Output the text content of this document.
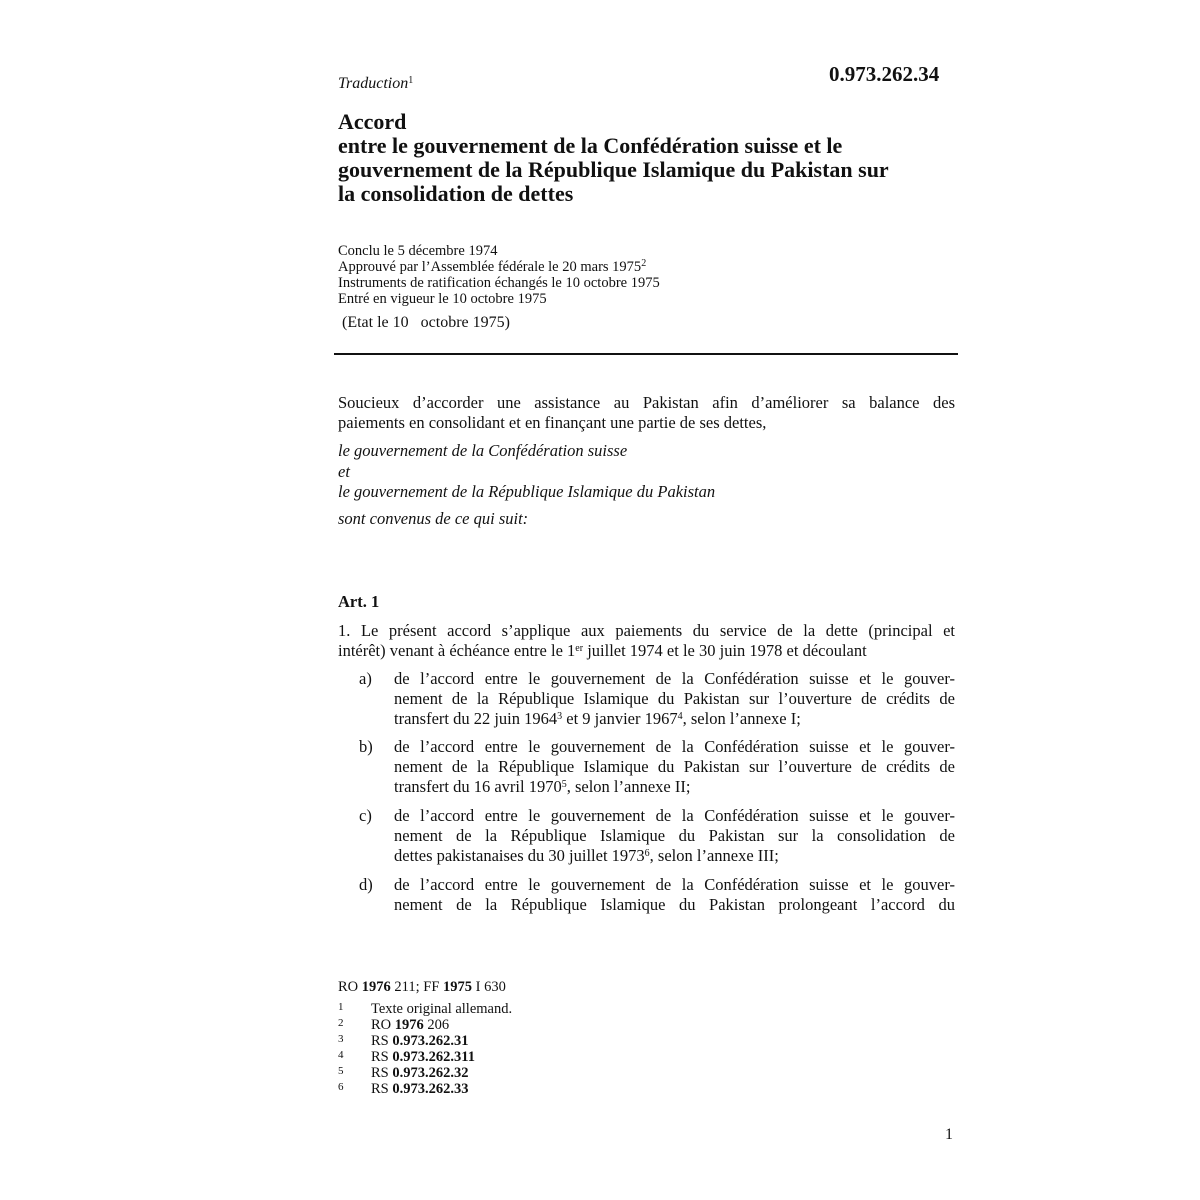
0.973.262.34
Traduction$^1$
Accord
entre le gouvernement de la Confédération suisse et le
gouvernement de la République Islamique du Pakistan sur
la consolidation de dettes
Conclu le 5 décembre 1974
Approuvé par l’Assemblée fédérale le 20 mars 1975$^2$
Instruments de ratification échangés le 10 octobre 1975
Entré en vigueur le 10 octobre 1975
(Etat le 10   octobre 1975)
Soucieux d’accorder une assistance au Pakistan afin d’améliorer sa balance des
paiements en consolidant et en finançant une partie de ses dettes,
le gouvernement de la Confédération suisse
et
le gouvernement de la République Islamique du Pakistan
sont convenus de ce qui suit:
Art. 1
1. Le présent accord s’applique aux paiements du service de la dette (principal et
intérêt) venant à échéance entre le 1er juillet 1974 et le 30 juin 1978 et découlant
a) de l’accord entre le gouvernement de la Confédération suisse et le gouver-
nement de la République Islamique du Pakistan sur l’ouverture de crédits de
transfert du 22 juin 1964$^3$ et 9 janvier 1967$^4$, selon l’annexe I;
b) de l’accord entre le gouvernement de la Confédération suisse et le gouver-
nement de la République Islamique du Pakistan sur l’ouverture de crédits de
transfert du 16 avril 1970$^5$, selon l’annexe II;
c) de l’accord entre le gouvernement de la Confédération suisse et le gouver-
nement de la République Islamique du Pakistan sur la consolidation de
dettes pakistanaises du 30 juillet 1973$^6$, selon l’annexe III;
d) de l’accord entre le gouvernement de la Confédération suisse et le gouver-
nement de la République Islamique du Pakistan prolongeant l’accord du
RO 1976 211; FF 1975 I 630
1 Texte original allemand.
2 RO 1976 206
3 RS 0.973.262.31
4 RS 0.973.262.311
5 RS 0.973.262.32
6 RS 0.973.262.33
1
